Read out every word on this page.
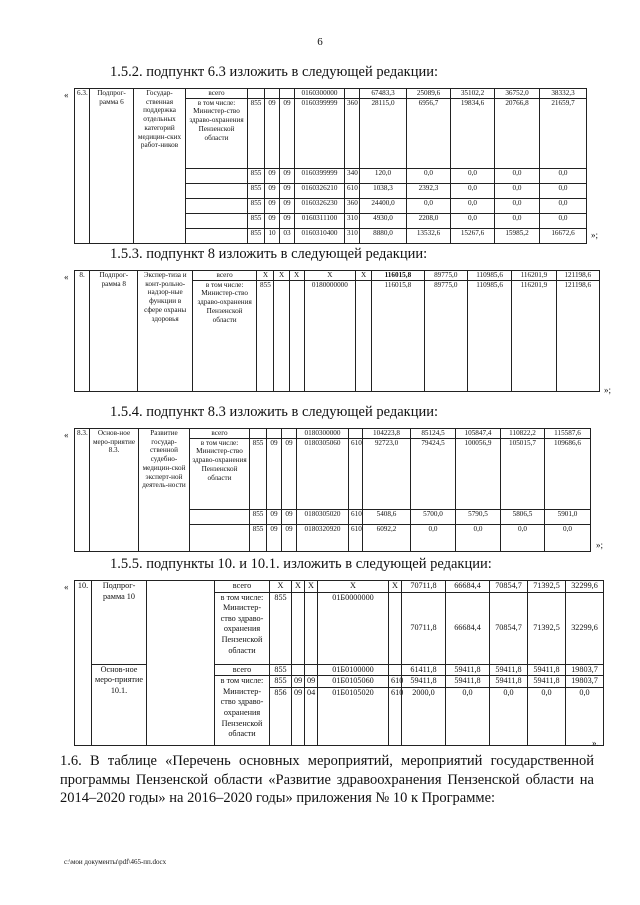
6
1.5.2. подпункт 6.3 изложить в следующей редакции:
« 6.3.	Подпрог-рамма 6	Государ-ственная поддержка отдельных категорий медицин-ских работ-ников	всего				0160300000		67483,3	25089,6	35102,2	36752,0	38332,3
			в том числе: Министер-ство здраво-охранения Пензенской области	855	09	09	0160399999	360	28115,0	6956,7	19834,6	20766,8	21659,7
				855	09	09	0160399999	340	120,0	0,0	0,0	0,0	0,0
				855	09	09	0160326210	610	1038,3	2392,3	0,0	0,0	0,0
				855	09	09	0160326230	360	24400,0	0,0	0,0	0,0	0,0
				855	09	09	0160311100	310	4930,0	2208,0	0,0	0,0	0,0
				855	10	03	0160310400	310	8880,0	13532,6	15267,6	15985,2	16672,6 »;
1.5.3. подпункт 8 изложить в следующей редакции:
« 8.	Подпрог-рамма 8	Экспер-тиза и конт-рольно-надзор-ные функции в сфере охраны здоровья	всего	X	X	X	X	X	116015,8	89775,0	110985,6	116201,9	121198,6
			в том числе: Министер-ство здраво-охранения Пензенской области	855			0180000000		116015,8	89775,0	110985,6	116201,9	121198,6
»;
1.5.4. подпункт 8.3 изложить в следующей редакции:
« 8.3.	Основ-ное меро-приятие 8.3.	Развитие государ-ственной судебно-медицин-ской эксперт-ной деятель-ности	всего				0180300000		104223,8	85124,5	105847,4	110822,2	115587,6
			в том числе: Министер-ство здраво-охранения Пензенской области	855	09	09	0180305060	610	92723,0	79424,5	100056,9	105015,7	109686,6
				855	09	09	0180305020	610	5408,6	5700,0	5790,5	5806,5	5901,0
				855	09	09	0180320920	610	6092,2	0,0	0,0	0,0	0,0
»;
1.5.5. подпункты 10. и 10.1. изложить в следующей редакции:
« 10.	Подпрог-рамма 10		всего	X	X	X	X	X	70711,8	66684,4	70854,7	71392,5	32299,6
			в том числе: Министер-ство здраво-охранения Пензенской области	855			01Б0000000		70711,8	66684,4	70854,7	71392,5	32299,6
	Основ-ное меро-приятие 10.1.		всего	855			01Б0100000		61411,8	59411,8	59411,8	59411,8	19803,7
			в том числе: Министер-ство здраво-охранения Пензенской области	855	09	09	01Б0105060	610	59411,8	59411,8	59411,8	59411,8	19803,7
				856	09	04	01Б0105020	610	2000,0	0,0	0,0	0,0	0,0
».
1.6. В таблице «Перечень основных мероприятий, мероприятий государственной программы Пензенской области «Развитие здравоохранения Пензенской области на 2014–2020 годы» на 2016–2020 годы» приложения № 10 к Программе:
c:\мои документы\pdf\465-пп.docx
